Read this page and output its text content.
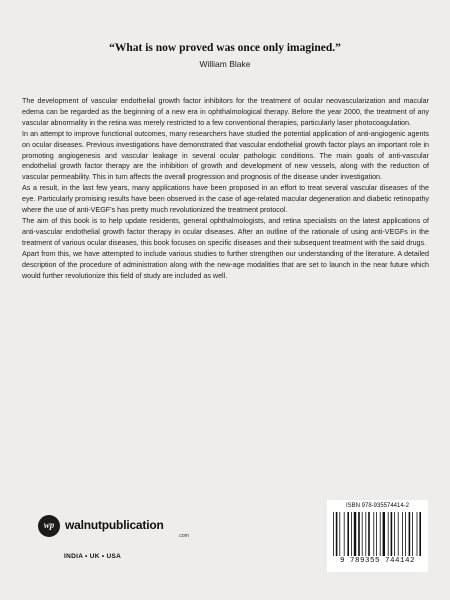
“What is now proved was once only imagined.”
William Blake

The development of vascular endothelial growth factor inhibitors for the treatment of ocular neovascularization and macular edema can be regarded as the beginning of a new era in ophthalmological therapy. Before the year 2000, the treatment of any vascular abnormality in the retina was merely restricted to a few conventional therapies, particularly laser photocoagulation.

In an attempt to improve functional outcomes, many researchers have studied the potential application of anti-angiogenic agents on ocular diseases. Previous investigations have demonstrated that vascular endothelial growth factor plays an important role in promoting angiogenesis and vascular leakage in several ocular pathologic conditions. The main goals of anti-vascular endothelial growth factor therapy are the inhibition of growth and development of new vessels, along with the reduction of vascular permeability. This in turn affects the overall progression and prognosis of the disease under investigation.

As a result, in the last few years, many applications have been proposed in an effort to treat several vascular diseases of the eye. Particularly promising results have been observed in the case of age-related macular degeneration and diabetic retinopathy where the use of anti-VEGF’s has pretty much revolutionized the treatment protocol.

The aim of this book is to help update residents, general ophthalmologists, and retina specialists on the latest applications of anti-vascular endothelial growth factor therapy in ocular diseases. After an outline of the rationale of using anti-VEGFs in the treatment of various ocular diseases, this book focuses on specific diseases and their subsequent treatment with the said drugs.

Apart from this, we have attempted to include various studies to further strengthen our understanding of the literature. A detailed description of the procedure of administration along with the new-age modalities that are set to launch in the near future which would further revolutionize this field of study are included as well.

wp walnutpublication
.com
INDIA • UK • USA
ISBN 978-935574414-2
9 789355 744142
